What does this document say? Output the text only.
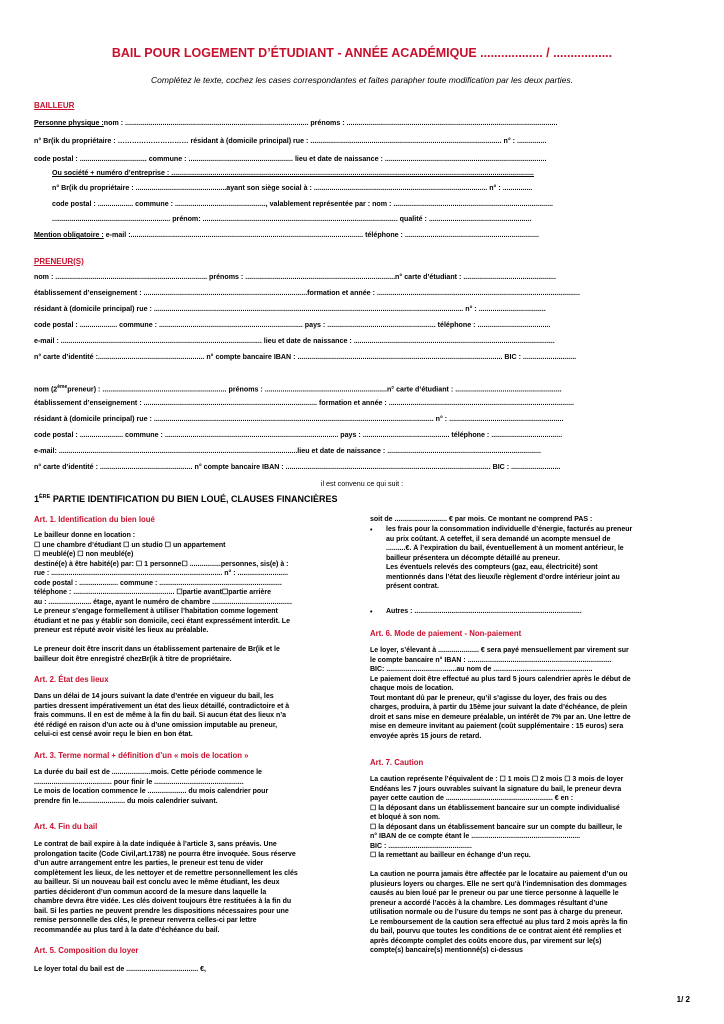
BAIL POUR LOGEMENT D’ÉTUDIANT - ANNÉE ACADÉMIQUE .................. / .................
Complétez le texte, cochez les cases correspondantes et faites parapher toute modification par les deux parties.
BAILLEUR
Personne physique :nom : ............................................................................................. prénoms : ...........................................................................................................
n° Br(ik du propriétaire : ………………………… résidant à (domicile principal) rue : ................................................................................................. n° : ...............
code postal : .................................. commune : ..................................................... lieu et date de naissance : ..................................................................................
Ou société + numéro d’entreprise : ........................................................................................................................................................................................
n° Br(ik du propriétaire : ..............................................ayant son siège social à : ........................................................................................ n° : ...............
code postal : .................. commune : .............................................., valablement représentée par : nom : .................................................................................
............................................................ prénom: ................................................................................................... qualité : ....................................................
Mention obligatoire : e-mail :...................................................................................................................... téléphone : ....................................................................
PRENEUR(S)
nom : ............................................................................. prénoms : ............................................................................n° carte d’étudiant : ...............................................
établissement d’enseignement : ...................................................................................formation et année : .......................................................................................................
résidant à (domicile principal) rue : ............................................................................................................................................................. n° : ..................................
code postal : ................... commune : ......................................................................... pays : ....................................................... téléphone : .....................................
e-mail : ...................................................................................................... lieu et date de naissance : ......................................................................................................
n° carte d’identité :...................................................... n° compte bancaire IBAN : ........................................................................................................ BIC : ...........................
nom (2èmepreneur) : ............................................................... prénoms : ..............................................................n° carte d’étudiant : ......................................................
établissement d’enseignement : ........................................................................................ formation et année : ..............................................................................................
résidant à (domicile principal) rue : .............................................................................................................................................. n° : ..........................................................
code postal : ...................... commune : ........................................................................................ pays : ............................................ téléphone : ....................................
e-mail: .........................................................................................................................lieu et date de naissance : ..............................................................................
n° carte d’identité : ............................................... n° compte bancaire IBAN : ........................................................................................................ BIC : .........................
il est convenu ce qui suit :
1ÈRE PARTIE IDENTIFICATION DU BIEN LOUÉ, CLAUSES FINANCIÈRES
Art. 1. Identification du bien loué
Le bailleur donne en location :
☐ une chambre d’étudiant ☐ un studio ☐ un appartement
☐ meublé(e) ☐ non meublé(e)
destiné(e) à être habité(e) par: ☐ 1 personne☐ ................personnes, sis(e) à :
rue : ........................................................................................ n° : ..........................
code postal : .................... commune : ...............................................................
téléphone : .................................................... ☐partie avant☐partie arrière
au : ...................... étage, ayant le numéro de chambre .........................................
Le preneur s’engage formellement à utiliser l’habitation comme logement
étudiant et ne pas y établir son domicile, ceci étant expressément interdit. Le
preneur est réputé avoir visité les lieux au préalable.
Le preneur doit être inscrit dans un établissement partenaire de Br(ik et le
bailleur doit être enregistré chezBr(ik à titre de propriétaire.
Art. 2. État des lieux
Dans un délai de 14 jours suivant la date d’entrée en vigueur du bail, les
parties dressent impérativement un état des lieux détaillé, contradictoire et à
frais communs. Il en est de même à la fin du bail. Si aucun état des lieux n’a
été rédigé en raison d’un acte ou à d’une omission imputable au preneur,
celui-ci est censé avoir reçu le bien en bon état.
Art. 3. Terme normal + définition d’un « mois de location »
La durée du bail est de ....................mois. Cette période commence le
........................................ pour finir le ..............................................
Le mois de location commence le .................... du mois calendrier pour
prendre fin le........................ du mois calendrier suivant.
Art. 4. Fin du bail
Le contrat de bail expire à la date indiquée à l’article 3, sans préavis. Une
prolongation tacite (Code Civil,art.1738) ne pourra être invoquée. Sous réserve
d’un autre arrangement entre les parties, le preneur est tenu de vider
complètement les lieux, de les nettoyer et de remettre personnellement les clés
au bailleur. Si un nouveau bail est conclu avec le même étudiant, les deux
parties décideront d’un commun accord de la mesure dans laquelle la
chambre devra être vidée. Les clés doivent toujours être restituées à la fin du
bail. Si les parties ne peuvent prendre les dispositions nécessaires pour une
remise personnelle des clés, le preneur renverra celles-ci par lettre
recommandée au plus tard à la date d’échéance du bail.
Art. 5. Composition du loyer
Le loyer total du bail est de ..................................... €,
soit de ........................... € par mois. Ce montant ne comprend PAS :
• les frais pour la consommation individuelle d’énergie, facturés au preneur
au prix coûtant. À ceteffet, il sera demandé un acompte mensuel de
..........€. À l’expiration du bail, éventuellement à un moment antérieur, le
bailleur présentera un décompte détaillé au preneur.
Les éventuels relevés des compteurs (gaz, eau, électricité) sont
mentionnés dans l’état des lieux/le règlement d’ordre intérieur joint au
présent contrat.
• Autres : ......................................................................................
Art. 6. Mode de paiement - Non-paiement
Le loyer, s’élevant à ..................... € sera payé mensuellement par virement sur
le compte bancaire n° IBAN : ..........................................................................
BIC: ....................................au nom de ...................................................
Le paiement doit être effectué au plus tard 5 jours calendrier après le début de
chaque mois de location.
Tout montant dû par le preneur, qu’il s’agisse du loyer, des frais ou des
charges, produira, à partir du 15ème jour suivant la date d’échéance, de plein
droit et sans mise en demeure préalable, un intérêt de 7% par an. Une lettre de
mise en demeure invitant au paiement (coût supplémentaire : 15 euros) sera
envoyée après 15 jours de retard.
Art. 7. Caution
La caution représente l’équivalent de : ☐ 1 mois ☐ 2 mois ☐ 3 mois de loyer
Endéans les 7 jours ouvrables suivant la signature du bail, le preneur devra
payer cette caution de ....................................................... € en :
☐ la déposant dans un établissement bancaire sur un compte individualisé
et bloqué à son nom.
☐ la déposant dans un établissement bancaire sur un compte du bailleur, le
n° IBAN de ce compte étant le ........................................................
BIC : ...........................................
☐ la remettant au bailleur en échange d’un reçu.
La caution ne pourra jamais être affectée par le locataire au paiement d’un ou
plusieurs loyers ou charges. Elle ne sert qu’à l’indemnisation des dommages
causés au bien loué par le preneur ou par une tierce personne à laquelle le
preneur a accordé l’accès à la chambre. Les dommages résultant d’une
utilisation normale ou de l’usure du temps ne sont pas à charge du preneur.
Le remboursement de la caution sera effectué au plus tard 2 mois après la fin
du bail, pourvu que toutes les conditions de ce contrat aient été remplies et
après décompte complet des coûts encore dus, par virement sur le(s)
compte(s) bancaire(s) mentionné(s) ci-dessus
1/ 2
